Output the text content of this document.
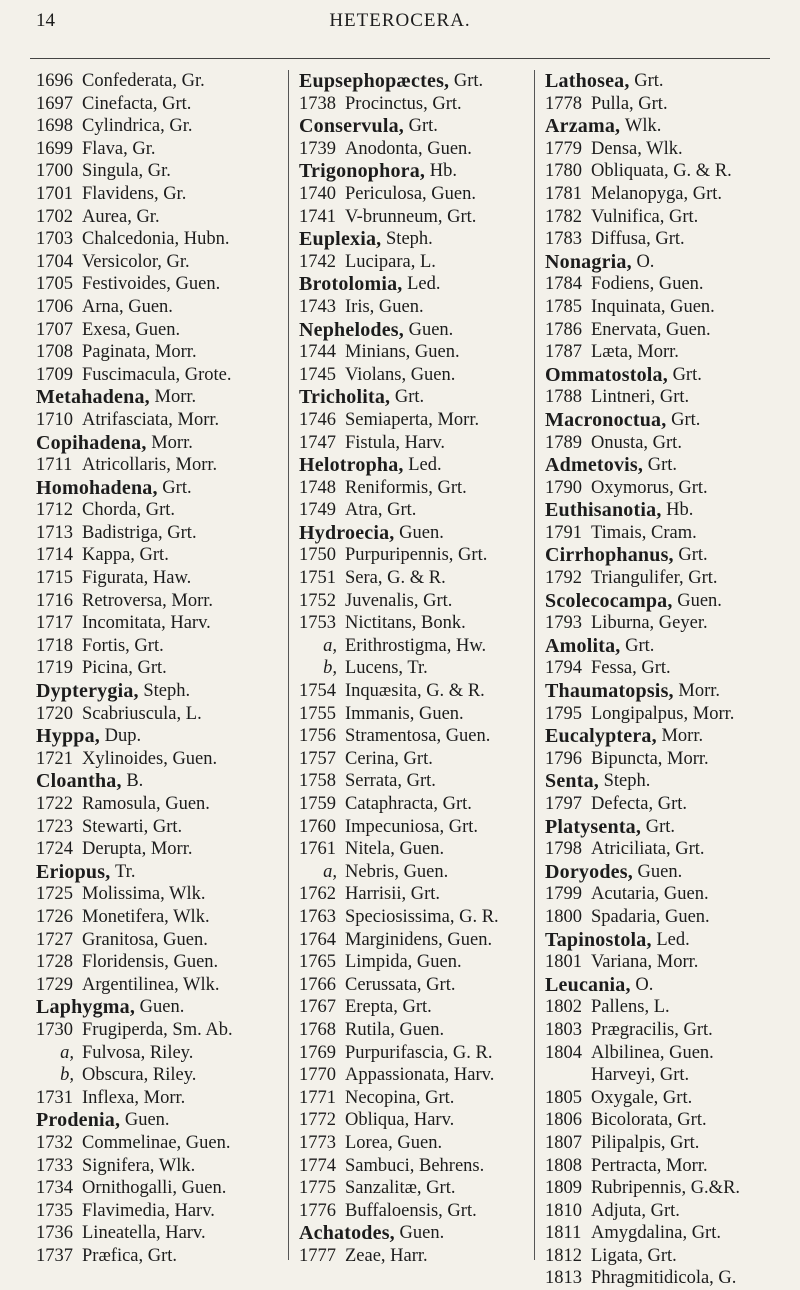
14	HETEROCERA.
1696 Confederata, Gr.
1697 Cinefacta, Grt.
1698 Cylindrica, Gr.
1699 Flava, Gr.
1700 Singula, Gr.
1701 Flavidens, Gr.
1702 Aurea, Gr.
1703 Chalcedonia, Hubn.
1704 Versicolor, Gr.
1705 Festivoides, Guen.
1706 Arna, Guen.
1707 Exesa, Guen.
1708 Paginata, Morr.
1709 Fuscimacula, Grote.
Metahadena, Morr.
1710 Atrifasciata, Morr.
Copihadena, Morr.
1711 Atricollaris, Morr.
Homohadena, Grt.
1712 Chorda, Grt.
1713 Badistriga, Grt.
1714 Kappa, Grt.
1715 Figurata, Haw.
1716 Retroversa, Morr.
1717 Incomitata, Harv.
1718 Fortis, Grt.
1719 Picina, Grt.
Dypterygia, Steph.
1720 Scabriuscula, L.
Hyppa, Dup.
1721 Xylinoides, Guen.
Cloantha, B.
1722 Ramosula, Guen.
1723 Stewarti, Grt.
1724 Derupta, Morr.
Eriopus, Tr.
1725 Molissima, Wlk.
1726 Monetifera, Wlk.
1727 Granitosa, Guen.
1728 Floridensis, Guen.
1729 Argentilinea, Wlk.
Laphygma, Guen.
1730 Frugiperda, Sm. Ab.
a, Fulvosa, Riley.
b, Obscura, Riley.
1731 Inflexa, Morr.
Prodenia, Guen.
1732 Commelinae, Guen.
1733 Signifera, Wlk.
1734 Ornithogalli, Guen.
1735 Flavimedia, Harv.
1736 Lineatella, Harv.
1737 Præfica, Grt.
Eupsephopæctes, Grt.
1738 Procinctus, Grt.
Conservula, Grt.
1739 Anodonta, Guen.
Trigonophora, Hb.
1740 Periculosa, Guen.
1741 V-brunneum, Grt.
Euplexia, Steph.
1742 Lucipara, L.
Brotolomia, Led.
1743 Iris, Guen.
Nephelodes, Guen.
1744 Minians, Guen.
1745 Violans, Guen.
Tricholita, Grt.
1746 Semiaperta, Morr.
1747 Fistula, Harv.
Helotropha, Led.
1748 Reniformis, Grt.
1749 Atra, Grt.
Hydroecia, Guen.
1750 Purpuripennis, Grt.
1751 Sera, G. & R.
1752 Juvenalis, Grt.
1753 Nictitans, Bonk.
a, Erithrostigma, Hw.
b, Lucens, Tr.
1754 Inquæsita, G. & R.
1755 Immanis, Guen.
1756 Stramentosa, Guen.
1757 Cerina, Grt.
1758 Serrata, Grt.
1759 Cataphracta, Grt.
1760 Impecuniosa, Grt.
1761 Nitela, Guen.
a, Nebris, Guen.
1762 Harrisii, Grt.
1763 Speciosissima, G. R.
1764 Marginidens, Guen.
1765 Limpida, Guen.
1766 Cerussata, Grt.
1767 Erepta, Grt.
1768 Rutila, Guen.
1769 Purpurifascia, G. R.
1770 Appassionata, Harv.
1771 Necopina, Grt.
1772 Obliqua, Harv.
1773 Lorea, Guen.
1774 Sambuci, Behrens.
1775 Sanzalitæ, Grt.
1776 Buffaloensis, Grt.
Achatodes, Guen.
1777 Zeae, Harr.
Lathosea, Grt.
1778 Pulla, Grt.
Arzama, Wlk.
1779 Densa, Wlk.
1780 Obliquata, G. & R.
1781 Melanopyga, Grt.
1782 Vulnifica, Grt.
1783 Diffusa, Grt.
Nonagria, O.
1784 Fodiens, Guen.
1785 Inquinata, Guen.
1786 Enervata, Guen.
1787 Læta, Morr.
Ommatostola, Grt.
1788 Lintneri, Grt.
Macronoctua, Grt.
1789 Onusta, Grt.
Admetovis, Grt.
1790 Oxymorus, Grt.
Euthisanotia, Hb.
1791 Timais, Cram.
Cirrhophanus, Grt.
1792 Triangulifer, Grt.
Scolecocampa, Guen.
1793 Liburna, Geyer.
Amolita, Grt.
1794 Fessa, Grt.
Thaumatopsis, Morr.
1795 Longipalpus, Morr.
Eucalyptera, Morr.
1796 Bipuncta, Morr.
Senta, Steph.
1797 Defecta, Grt.
Platysenta, Grt.
1798 Atriciliata, Grt.
Doryodes, Guen.
1799 Acutaria, Guen.
1800 Spadaria, Guen.
Tapinostola, Led.
1801 Variana, Morr.
Leucania, O.
1802 Pallens, L.
1803 Prægracilis, Grt.
1804 Albilinea, Guen.
Harveyi, Grt.
1805 Oxygale, Grt.
1806 Bicolorata, Grt.
1807 Pilipalpis, Grt.
1808 Pertracta, Morr.
1809 Rubripennis, G.&R.
1810 Adjuta, Grt.
1811 Amygdalina, Grt.
1812 Ligata, Grt.
1813 Phragmitidicola, G.
